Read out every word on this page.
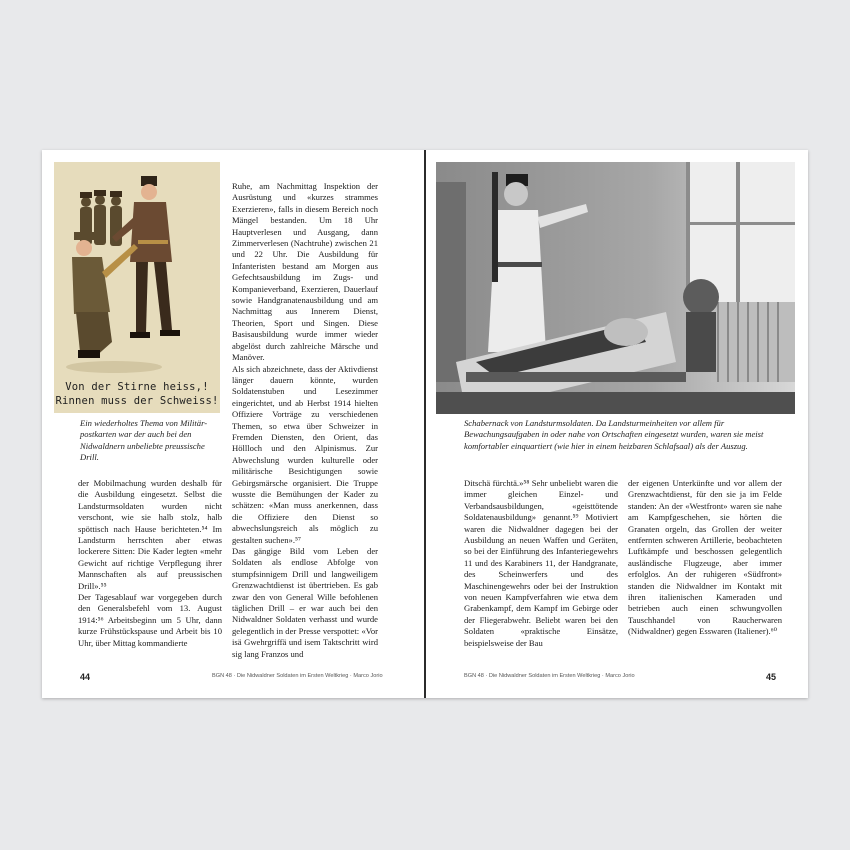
Von der Stirne heiss,!
Rinnen muss der Schweiss!
Ein wiederholtes Thema von Militär-postkarten war der auch bei den Nidwaldnern unbeliebte preussische Drill.

der Mobilmachung wurden deshalb für die Ausbildung eingesetzt. Selbst die Landsturmsoldaten wurden nicht verschont, wie sie halb stolz, halb spöttisch nach Hause berichteten.⁵⁴ Im Landsturm herrschten aber etwas lockerere Sitten: Die Kader legten «mehr Gewicht auf richtige Verpflegung ihrer Mannschaften als auf preussischen Drill».⁵⁵

Der Tagesablauf war vorgegeben durch den Generalsbefehl vom 13. August 1914:⁵⁶ Arbeitsbeginn um 5 Uhr, dann kurze Frühstückspause und Arbeit bis 10 Uhr, über Mittag kommandierte

Ruhe, am Nachmittag Inspektion der Ausrüstung und «kurzes strammes Exerzieren», falls in diesem Bereich noch Mängel bestanden. Um 18 Uhr Hauptverlesen und Ausgang, dann Zimmerverlesen (Nachtruhe) zwischen 21 und 22 Uhr. Die Ausbildung für Infanteristen bestand am Morgen aus Gefechtsausbildung im Zugs- und Kompanieverband, Exerzieren, Dauerlauf sowie Handgranatenausbildung und am Nachmittag aus Innerem Dienst, Theorien, Sport und Singen. Diese Basisausbildung wurde immer wieder abgelöst durch zahlreiche Märsche und Manöver.

Als sich abzeichnete, dass der Aktivdienst länger dauern könnte, wurden Soldatenstuben und Lesezimmer eingerichtet, und ab Herbst 1914 hielten Offiziere Vorträge zu verschiedenen Themen, so etwa über Schweizer in Fremden Diensten, den Orient, das Höllloch und den Alpinismus. Zur Abwechslung wurden kulturelle oder militärische Besichtigungen sowie Gebirgsmärsche organisiert. Die Truppe wusste die Bemühungen der Kader zu schätzen: «Man muss anerkennen, dass die Offiziere den Dienst so abwechslungsreich als möglich zu gestalten suchen».⁵⁷

Das gängige Bild vom Leben der Soldaten als endlose Abfolge von stumpfsinnigem Drill und langweiligem Grenzwachtdienst ist übertrieben. Es gab zwar den von General Wille befohlenen täglichen Drill – er war auch bei den Nidwaldner Soldaten verhasst und wurde gelegentlich in der Presse verspottet: «Vor isä Gwehrgriffä und isem Taktschritt wird sig lang Franzos und

44	BGN 48 · Die Nidwaldner Soldaten im Ersten Weltkrieg · Marco Jorio
Schabernack von Landsturmsoldaten. Da Landsturmeinheiten vor allem für Bewachungsaufgaben in oder nahe von Ortschaften eingesetzt wurden, waren sie meist komfortabler einquartiert (wie hier in einem heizbaren Schlafsaal) als der Auszug.

Ditschä fürchtä.»⁵⁸ Sehr unbeliebt waren die immer gleichen Einzel- und Verbandsausbildungen, «geisttötende Soldatenausbildung» genannt.⁵⁹ Motiviert waren die Nidwaldner dagegen bei der Ausbildung an neuen Waffen und Geräten, so bei der Einführung des Infanteriegewehrs 11 und des Karabiners 11, der Handgranate, des Scheinwerfers und des Maschinengewehrs oder bei der Instruktion von neuen Kampfverfahren wie etwa dem Grabenkampf, dem Kampf im Gebirge oder der Fliegerabwehr. Beliebt waren bei den Soldaten «praktische Einsätze, beispielsweise der Bau

der eigenen Unterkünfte und vor allem der Grenzwachtdienst, für den sie ja im Felde standen: An der «Westfront» waren sie nahe am Kampfgeschehen, sie hörten die Granaten orgeln, das Grollen der weiter entfernten schweren Artillerie, beobachteten Luftkämpfe und beschossen gelegentlich ausländische Flugzeuge, aber immer erfolglos. An der ruhigeren «Südfront» standen die Nidwaldner im Kontakt mit ihren italienischen Kameraden und betrieben auch einen schwungvollen Tauschhandel von Raucherwaren (Nidwaldner) gegen Esswaren (Italiener).⁶⁰

BGN 48 · Die Nidwaldner Soldaten im Ersten Weltkrieg · Marco Jorio	45
